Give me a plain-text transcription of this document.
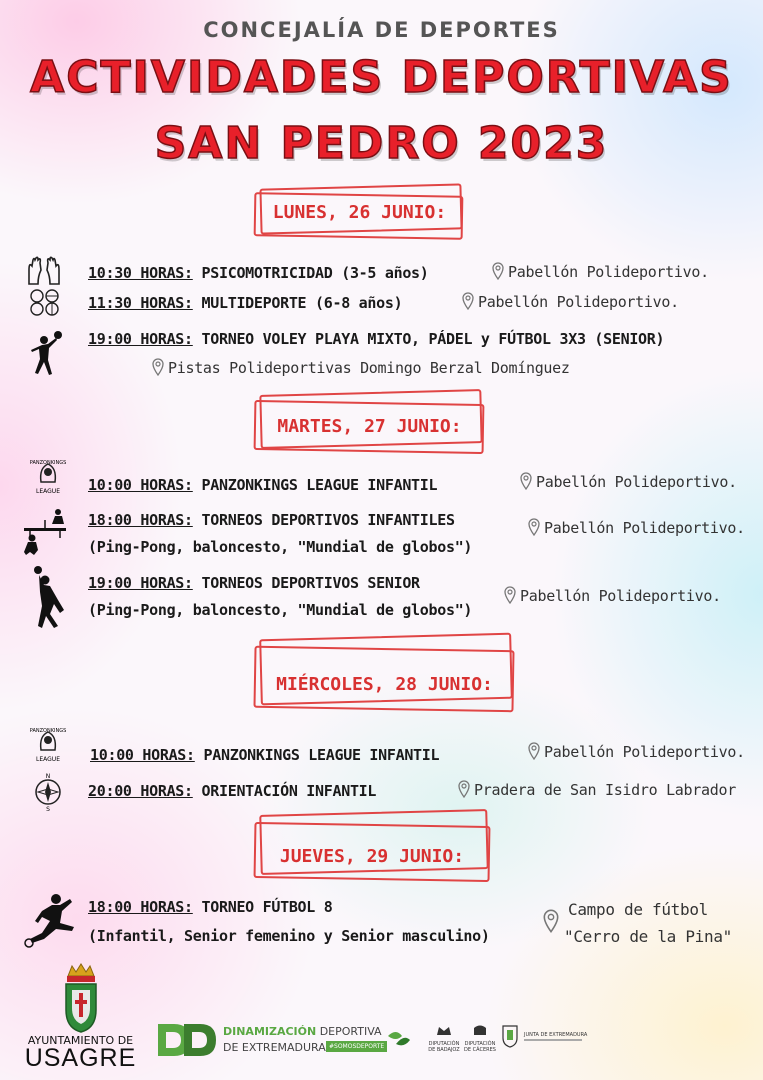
CONCEJALÍA DE DEPORTES
ACTIVIDADES DEPORTIVAS
SAN PEDRO 2023
LUNES, 26 JUNIO:
10:30 HORAS: PSICOMOTRICIDAD (3-5 años)	Pabellón Polideportivo.
11:30 HORAS: MULTIDEPORTE (6-8 años)	Pabellón Polideportivo.
19:00 HORAS: TORNEO VOLEY PLAYA MIXTO, PÁDEL y FÚTBOL 3X3 (SENIOR)
Pistas Polideportivas Domingo Berzal Domínguez
MARTES, 27 JUNIO:
PANZONKINGS
LEAGUE	10:00 HORAS: PANZONKINGS LEAGUE INFANTIL	Pabellón Polideportivo.
18:00 HORAS: TORNEOS DEPORTIVOS INFANTILES
(Ping-Pong, baloncesto, "Mundial de globos")
Pabellón Polideportivo.
19:00 HORAS: TORNEOS DEPORTIVOS SENIOR
(Ping-Pong, baloncesto, "Mundial de globos")
Pabellón Polideportivo.
MIÉRCOLES, 28 JUNIO:
PANZONKINGS
LEAGUE	10:00 HORAS: PANZONKINGS LEAGUE INFANTIL	Pabellón Polideportivo.
N
S
20:00 HORAS: ORIENTACIÓN INFANTIL	Pradera de San Isidro Labrador
JUEVES, 29 JUNIO:
18:00 HORAS: TORNEO FÚTBOL 8
(Infantil, Senior femenino y Senior masculino)
Campo de fútbol
"Cerro de la Pina"
AYUNTAMIENTO DE
USAGRE
DINAMIZACIÓN DEPORTIVA
DE EXTREMADURA #SOMOSDEPORTE	DIPUTACIÓN
DE BADAJOZ
DIPUTACIÓN
DE CÁCERES
JUNTA DE EXTREMADURA
